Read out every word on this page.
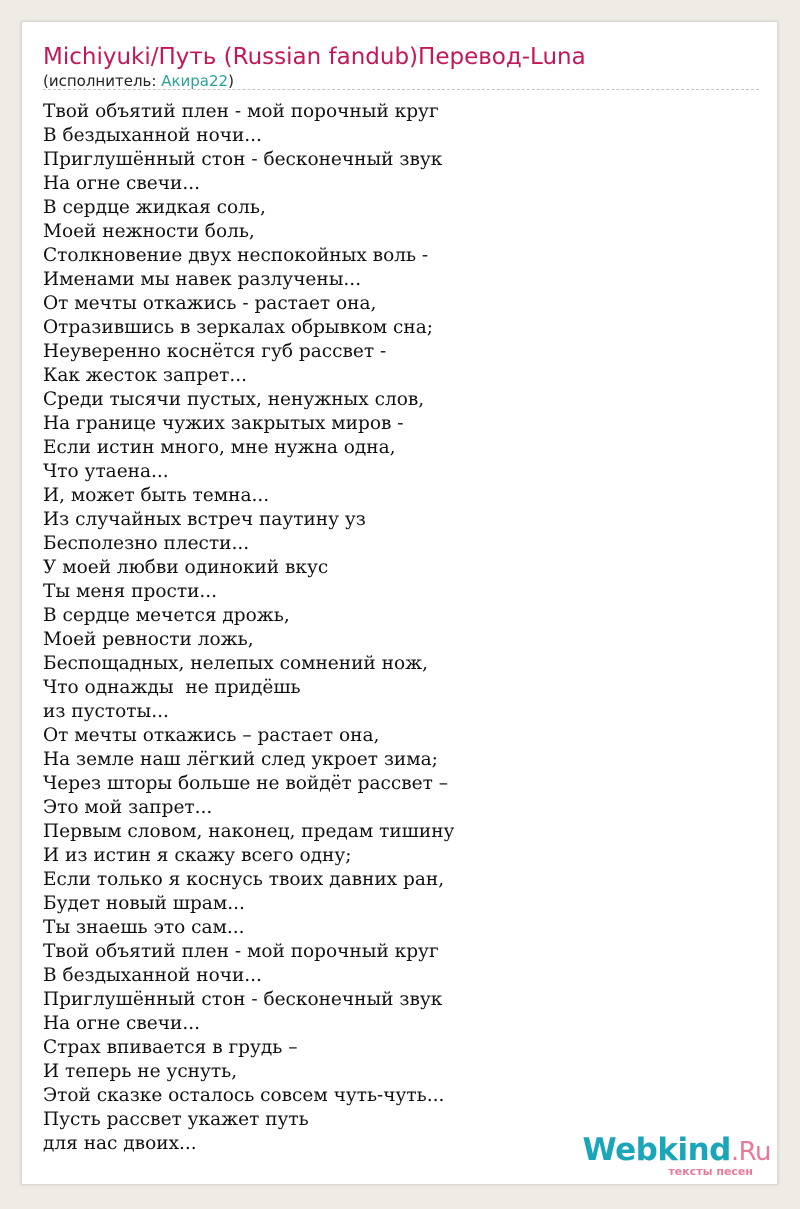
Michiyuki/Путь (Russian fandub)Перевод-Luna
(исполнитель: Акира22)
Твой объятий плен - мой порочный круг
В бездыханной ночи...
Приглушённый стон - бесконечный звук
На огне свечи...
В сердце жидкая соль,
Моей нежности боль,
Столкновение двух неспокойных воль -
Именами мы навек разлучены...
От мечты откажись - растает она,
Отразившись в зеркалах обрывком сна;
Неуверенно коснётся губ рассвет -
Как жесток запрет...
Среди тысячи пустых, ненужных слов,
На границе чужих закрытых миров -
Если истин много, мне нужна одна,
Что утаена...
И, может быть темна...
Из случайных встреч паутину уз
Бесполезно плести...
У моей любви одинокий вкус
Ты меня прости...
В сердце мечется дрожь,
Моей ревности ложь,
Беспощадных, нелепых сомнений нож,
Что однажды  не придёшь
из пустоты...
От мечты откажись – растает она,
На земле наш лёгкий след укроет зима;
Через шторы больше не войдёт рассвет –
Это мой запрет...
Первым словом, наконец, предам тишину
И из истин я скажу всего одну;
Если только я коснусь твоих давних ран,
Будет новый шрам...
Ты знаешь это сам...
Твой объятий плен - мой порочный круг
В бездыханной ночи...
Приглушённый стон - бесконечный звук
На огне свечи...
Страх впивается в грудь –
И теперь не уснуть,
Этой сказке осталось совсем чуть-чуть...
Пусть рассвет укажет путь
для нас двоих...	Webkind.Ru
тексты песен
